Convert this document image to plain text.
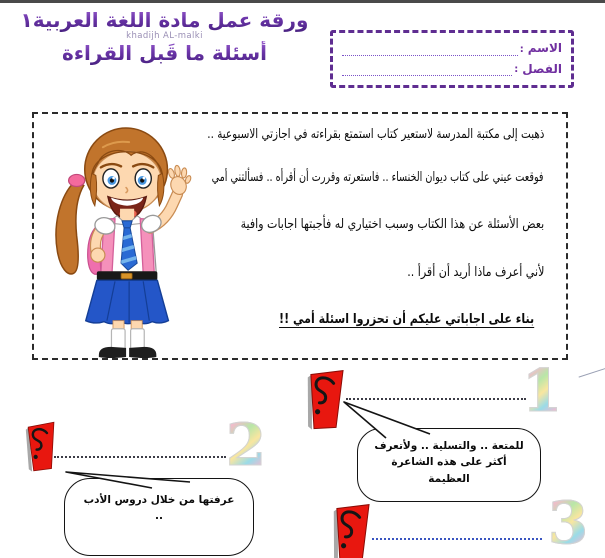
ورقة عمل مادة اللغة العربية١
khadijh AL-malki
أسئلة ما قَبل القراءة	الاسم
:
الفصل
:
ذهبت إلى مكتبة المدرسة لاستعير كتاب استمتع بقراءته في اجازتي الاسبوعية ..
فوقعت عيني على كتاب ديوان الخنساء .. فاستعرته وقررت أن أقرأه .. فسألتني أمي
بعض الأسئلة عن هذا الكتاب وسبب اختياري له فأجبتها اجابات وافية
لأني أعرف ماذا أريد أن أقرأ ..
بناء على اجاباتي عليكم أن تحزروا اسئلة أمي !!
1
للمتعة .. والتسلية .. ولأتعرف أكثر على هذه الشاعرة العظيمة
2
عرفتها من خلال دروس الأدب ..	3
